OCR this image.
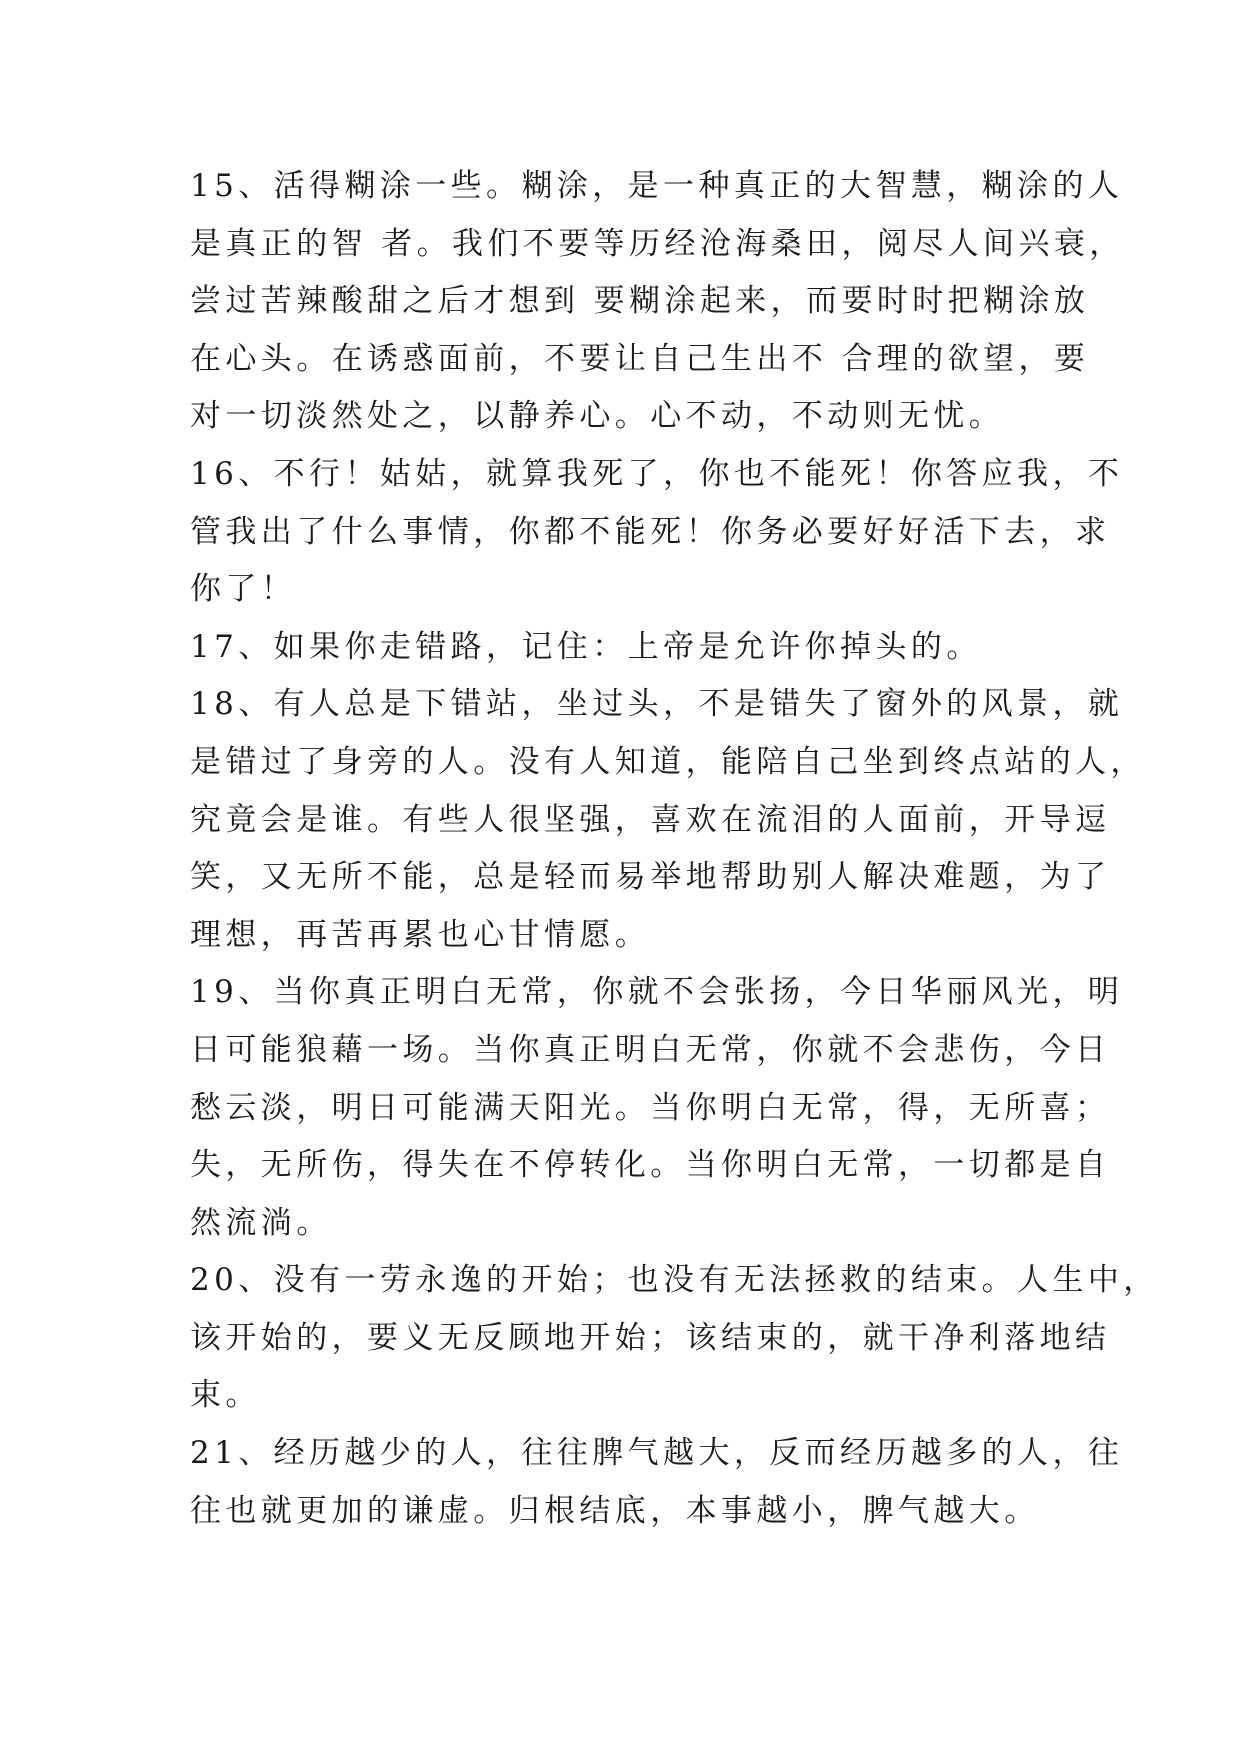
15、活得糊涂一些。糊涂，是一种真正的大智慧，糊涂的人
是真正的智 者。我们不要等历经沧海桑田，阅尽人间兴衰，
尝过苦辣酸甜之后才想到 要糊涂起来，而要时时把糊涂放
在心头。在诱惑面前，不要让自己生出不 合理的欲望，要
对一切淡然处之，以静养心。心不动，不动则无忧。
16、不行！姑姑，就算我死了，你也不能死！你答应我，不
管我出了什么事情，你都不能死！你务必要好好活下去，求
你了！
17、如果你走错路，记住：上帝是允许你掉头的。
18、有人总是下错站，坐过头，不是错失了窗外的风景，就
是错过了身旁的人。没有人知道，能陪自己坐到终点站的人，
究竟会是谁。有些人很坚强，喜欢在流泪的人面前，开导逗
笑，又无所不能，总是轻而易举地帮助别人解决难题，为了
理想，再苦再累也心甘情愿。
19、当你真正明白无常，你就不会张扬，今日华丽风光，明
日可能狼藉一场。当你真正明白无常，你就不会悲伤，今日
愁云淡，明日可能满天阳光。当你明白无常，得，无所喜；
失，无所伤，得失在不停转化。当你明白无常，一切都是自
然流淌。
20、没有一劳永逸的开始；也没有无法拯救的结束。人生中，
该开始的，要义无反顾地开始；该结束的，就干净利落地结
束。
21、经历越少的人，往往脾气越大，反而经历越多的人，往
往也就更加的谦虚。归根结底，本事越小，脾气越大。
